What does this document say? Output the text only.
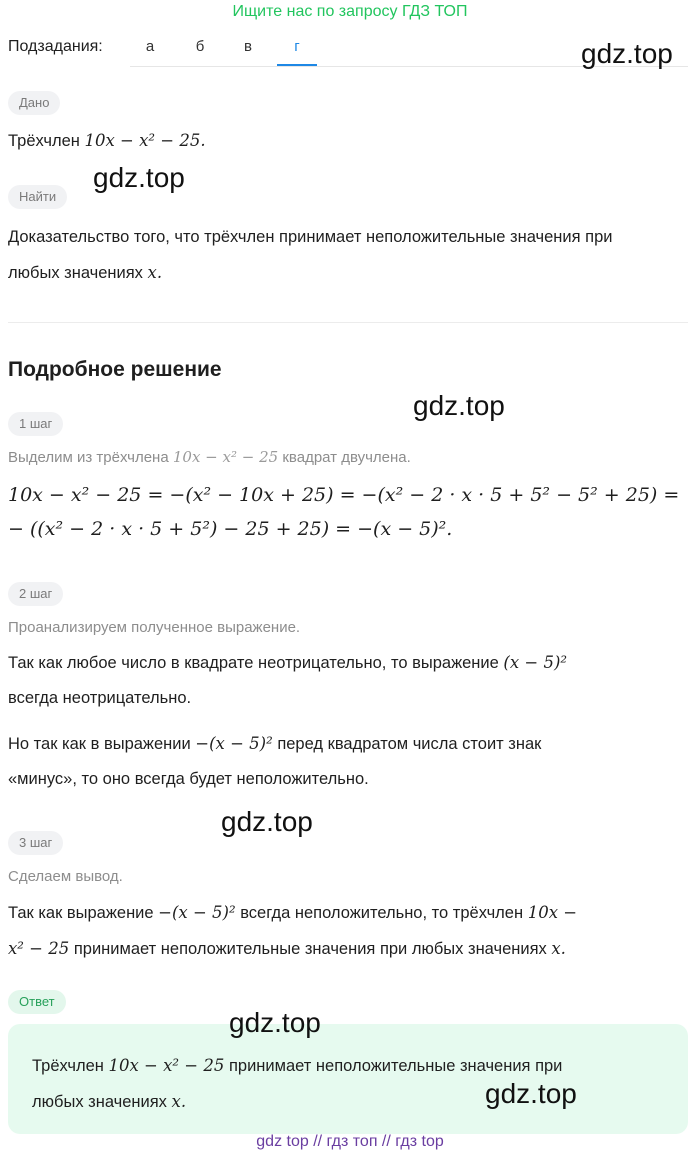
Ищите нас по запросу ГДЗ ТОП
Подзадания:	а	б	в	г	gdz.top
Дано
Трёхчлен 10x − x² − 25.
Найти
gdz.top
Доказательство того, что трёхчлен принимает неположительные значения при
любых значениях x.
Подробное решение
gdz.top
1 шаг
Выделим из трёхчлена 10x − x² − 25 квадрат двучлена.
10x − x² − 25 = −(x² − 10x + 25) = −(x² − 2 · x · 5 + 5² − 5² + 25) =
− ((x² − 2 · x · 5 + 5²) − 25 + 25) = −(x − 5)².
2 шаг
Проанализируем полученное выражение.
Так как любое число в квадрате неотрицательно, то выражение (x − 5)²
всегда неотрицательно.
Но так как в выражении −(x − 5)² перед квадратом числа стоит знак
«минус», то оно всегда будет неположительно.
gdz.top
3 шаг
Сделаем вывод.
Так как выражение −(x − 5)² всегда неположительно, то трёхчлен 10x −
x² − 25 принимает неположительные значения при любых значениях x.
Ответ
Трёхчлен 10x − x² − 25 принимает неположительные значения при
любых значениях x.
gdz.top
gdz.top
gdz top // гдз топ // гдз top
